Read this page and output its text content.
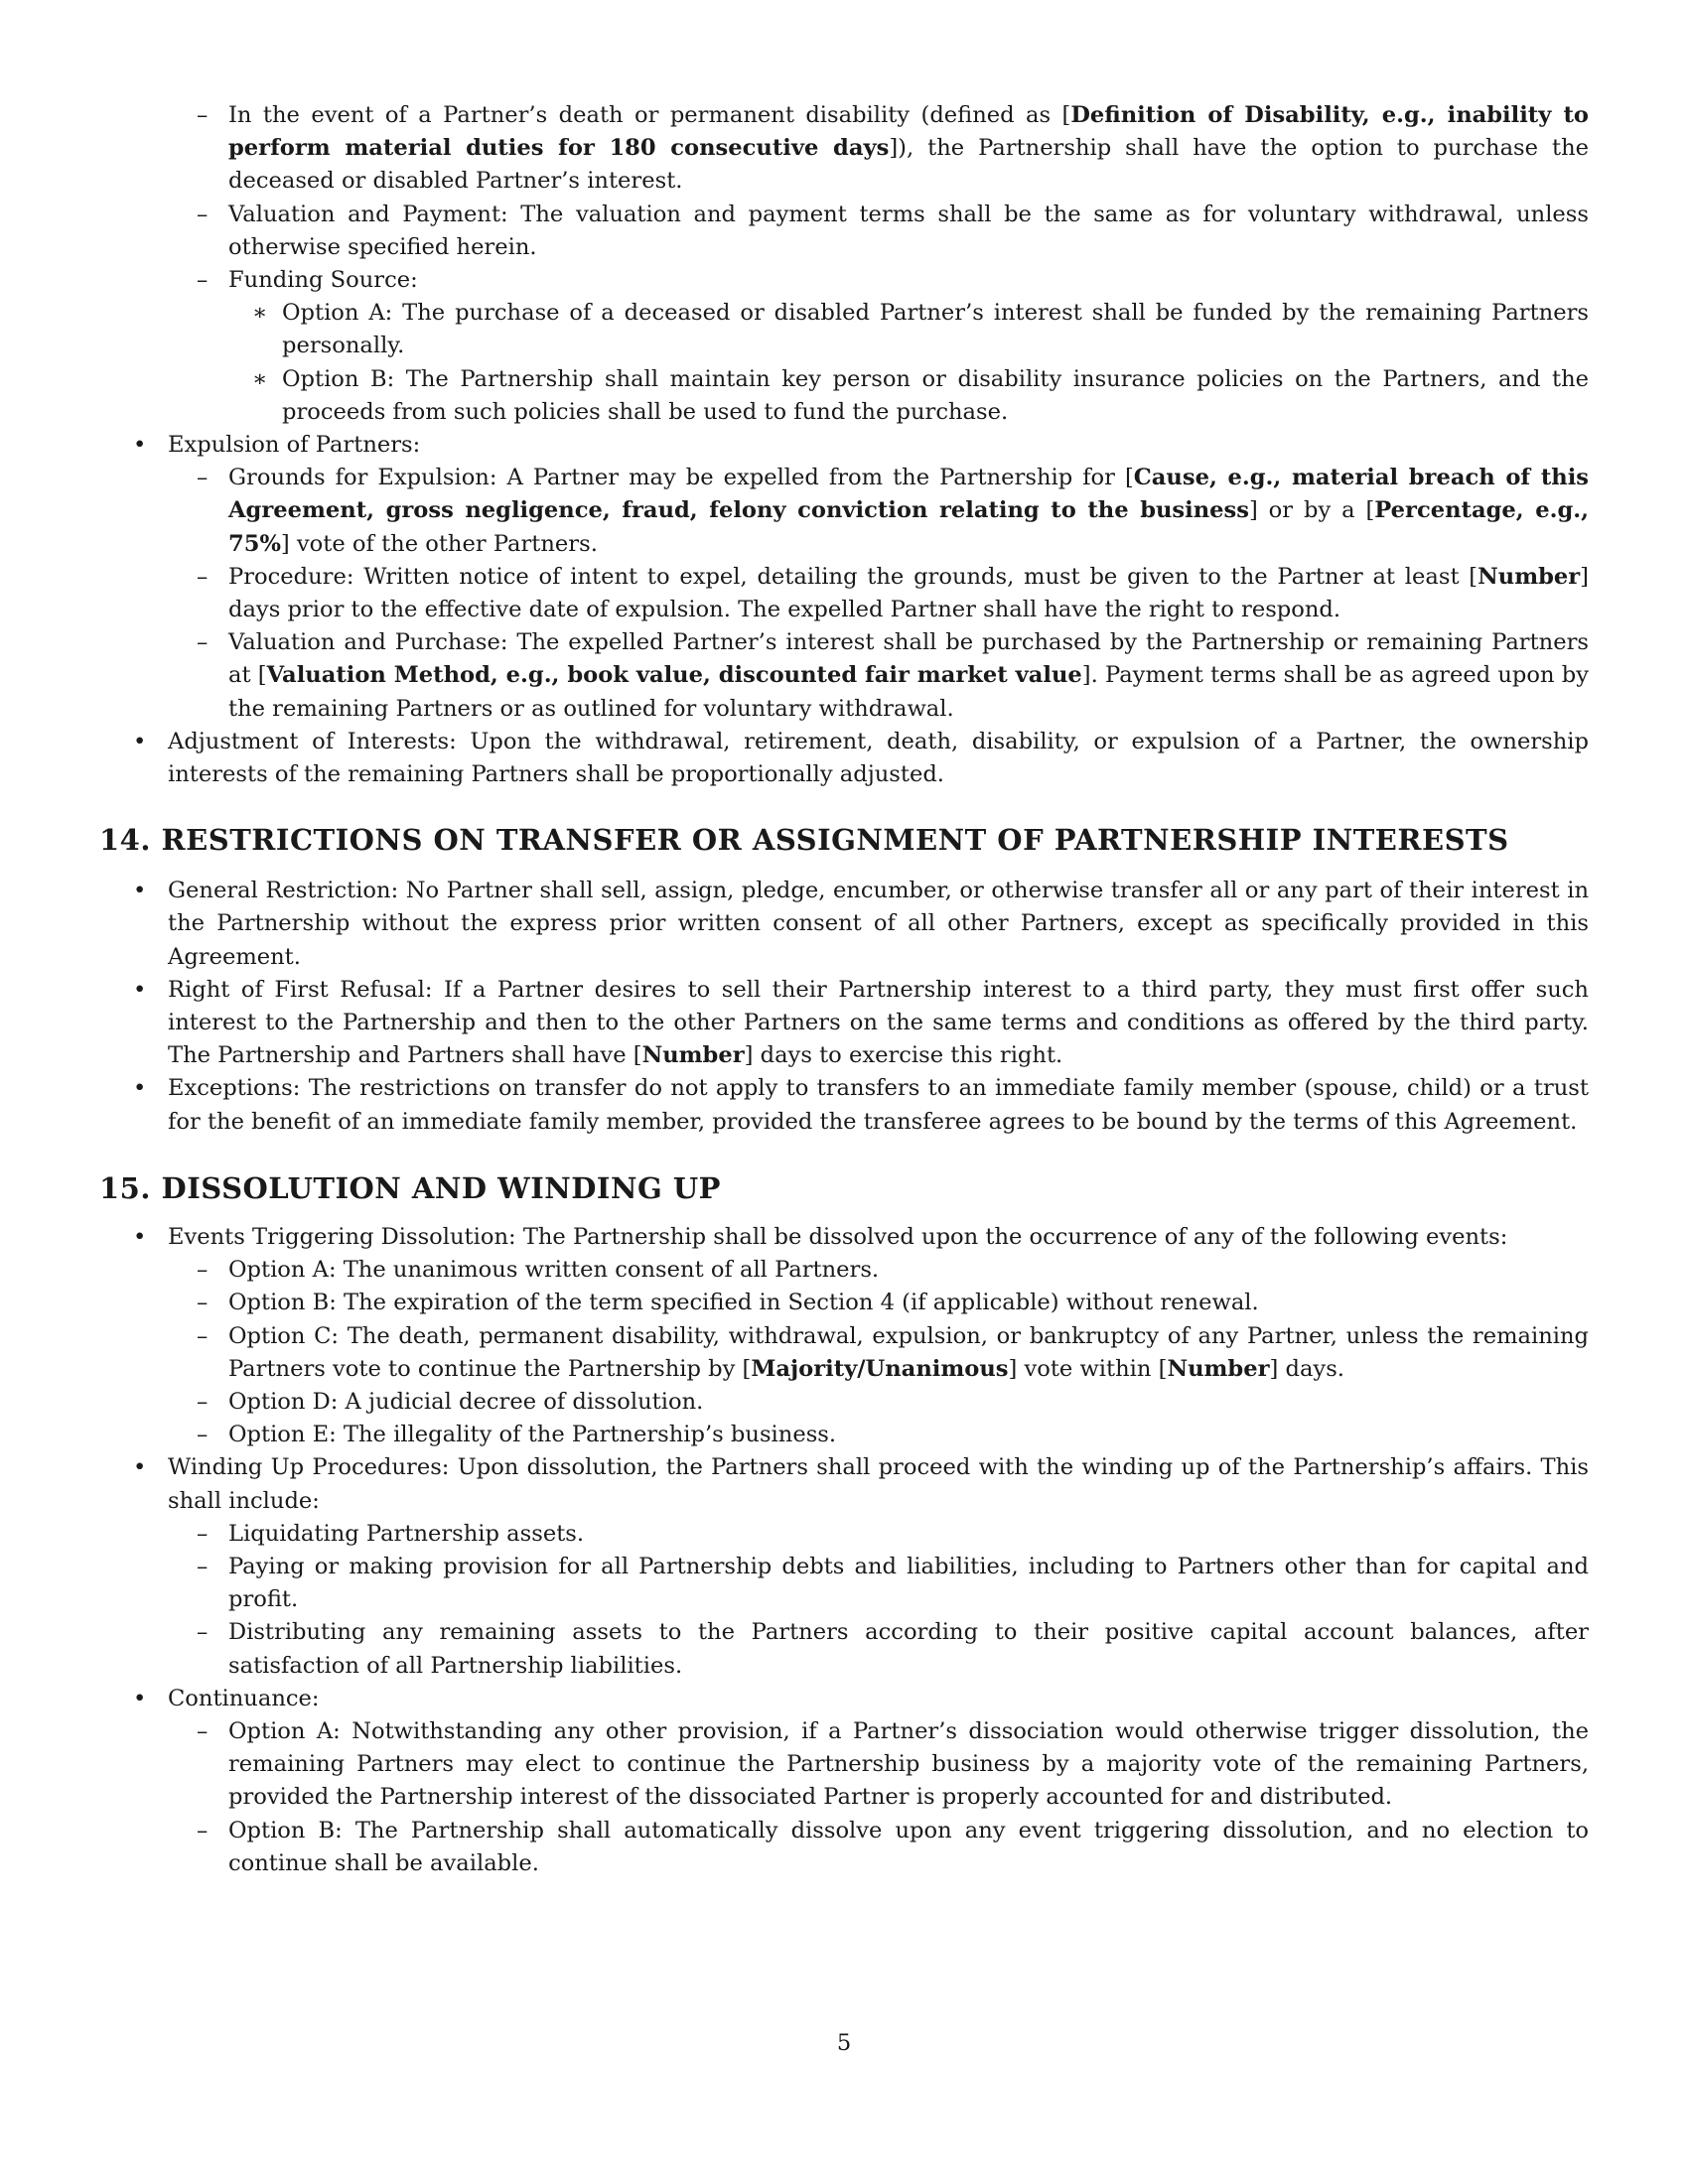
– In the event of a Partner’s death or permanent disability (defined as [Definition of Disability, e.g., inability to perform material duties for 180 consecutive days]), the Partnership shall have the option to purchase the deceased or disabled Partner’s interest.
– Valuation and Payment: The valuation and payment terms shall be the same as for voluntary withdrawal, unless otherwise specified herein.
– Funding Source:
∗ Option A: The purchase of a deceased or disabled Partner’s interest shall be funded by the remaining Partners personally.
∗ Option B: The Partnership shall maintain key person or disability insurance policies on the Partners, and the proceeds from such policies shall be used to fund the purchase.
• Expulsion of Partners:
– Grounds for Expulsion: A Partner may be expelled from the Partnership for [Cause, e.g., material breach of this Agreement, gross negligence, fraud, felony conviction relating to the business] or by a [Percentage, e.g., 75%] vote of the other Partners.
– Procedure: Written notice of intent to expel, detailing the grounds, must be given to the Partner at least [Number] days prior to the effective date of expulsion. The expelled Partner shall have the right to respond.
– Valuation and Purchase: The expelled Partner’s interest shall be purchased by the Partnership or remaining Partners at [Valuation Method, e.g., book value, discounted fair market value]. Payment terms shall be as agreed upon by the remaining Partners or as outlined for voluntary withdrawal.
• Adjustment of Interests: Upon the withdrawal, retirement, death, disability, or expulsion of a Partner, the ownership interests of the remaining Partners shall be proportionally adjusted.
14. RESTRICTIONS ON TRANSFER OR ASSIGNMENT OF PARTNERSHIP INTERESTS
• General Restriction: No Partner shall sell, assign, pledge, encumber, or otherwise transfer all or any part of their interest in the Partnership without the express prior written consent of all other Partners, except as specifically provided in this Agreement.
• Right of First Refusal: If a Partner desires to sell their Partnership interest to a third party, they must first offer such interest to the Partnership and then to the other Partners on the same terms and conditions as offered by the third party. The Partnership and Partners shall have [Number] days to exercise this right.
• Exceptions: The restrictions on transfer do not apply to transfers to an immediate family member (spouse, child) or a trust for the benefit of an immediate family member, provided the transferee agrees to be bound by the terms of this Agreement.
15. DISSOLUTION AND WINDING UP
• Events Triggering Dissolution: The Partnership shall be dissolved upon the occurrence of any of the following events:
– Option A: The unanimous written consent of all Partners.
– Option B: The expiration of the term specified in Section 4 (if applicable) without renewal.
– Option C: The death, permanent disability, withdrawal, expulsion, or bankruptcy of any Partner, unless the remaining Partners vote to continue the Partnership by [Majority/Unanimous] vote within [Number] days.
– Option D: A judicial decree of dissolution.
– Option E: The illegality of the Partnership’s business.
• Winding Up Procedures: Upon dissolution, the Partners shall proceed with the winding up of the Partnership’s affairs. This shall include:
– Liquidating Partnership assets.
– Paying or making provision for all Partnership debts and liabilities, including to Partners other than for capital and profit.
– Distributing any remaining assets to the Partners according to their positive capital account balances, after satisfaction of all Partnership liabilities.
• Continuance:
– Option A: Notwithstanding any other provision, if a Partner’s dissociation would otherwise trigger dissolution, the remaining Partners may elect to continue the Partnership business by a majority vote of the remaining Partners, provided the Partnership interest of the dissociated Partner is properly accounted for and distributed.
– Option B: The Partnership shall automatically dissolve upon any event triggering dissolution, and no election to continue shall be available.
5
